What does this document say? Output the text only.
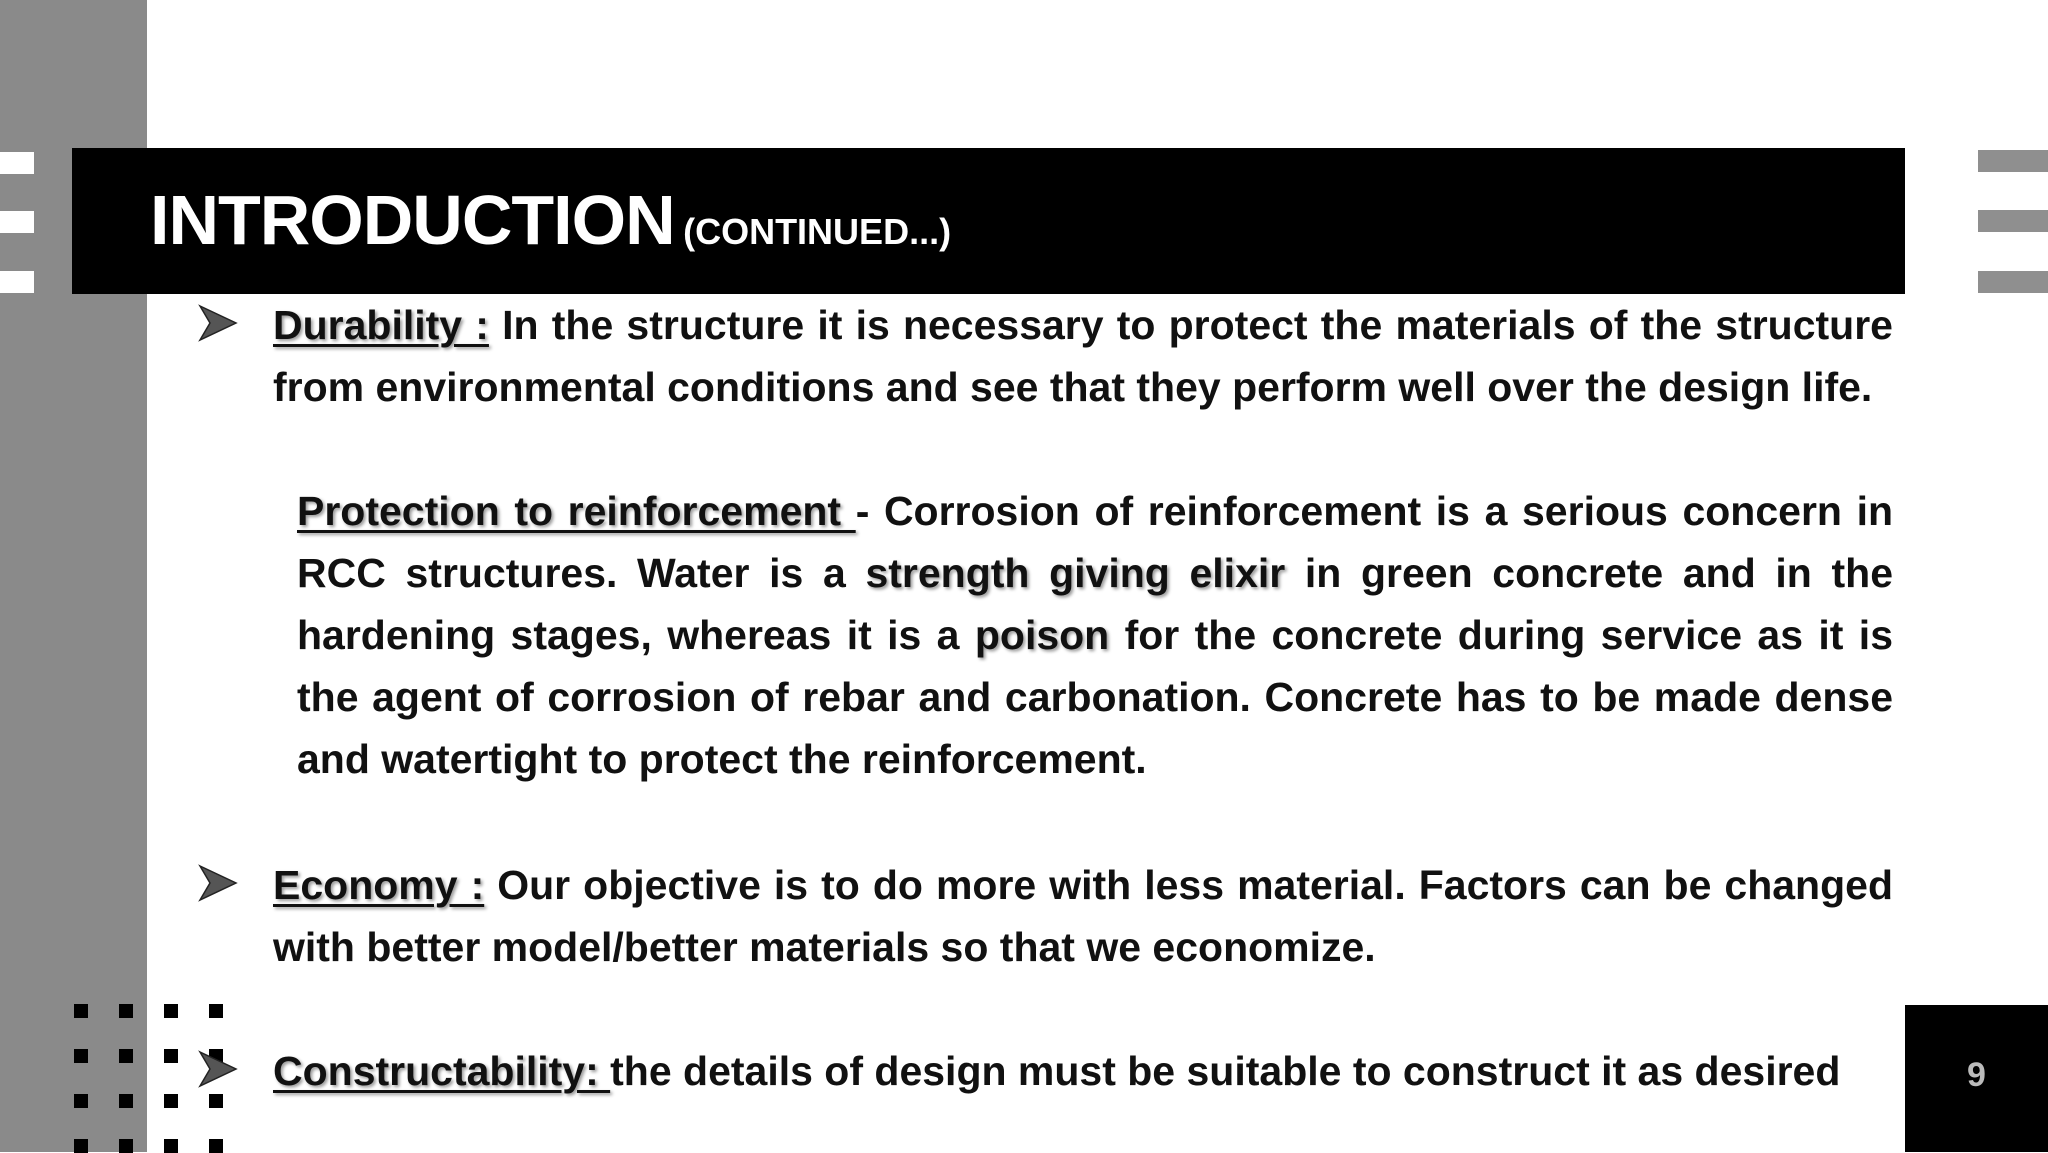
INTRODUCTION (CONTINUED...)
Durability : In the structure it is necessary to protect the materials of the structure from environmental conditions and see that they perform well over the design life.
Protection to reinforcement - Corrosion of reinforcement is a serious concern in RCC structures. Water is a strength giving elixir in green concrete and in the hardening stages, whereas it is a poison for the concrete during service as it is the agent of corrosion of rebar and carbonation. Concrete has to be made dense and watertight to protect the reinforcement.
Economy : Our objective is to do more with less material. Factors can be changed with better model/better materials so that we economize.
Constructability: the details of design must be suitable to construct it as desired	9
